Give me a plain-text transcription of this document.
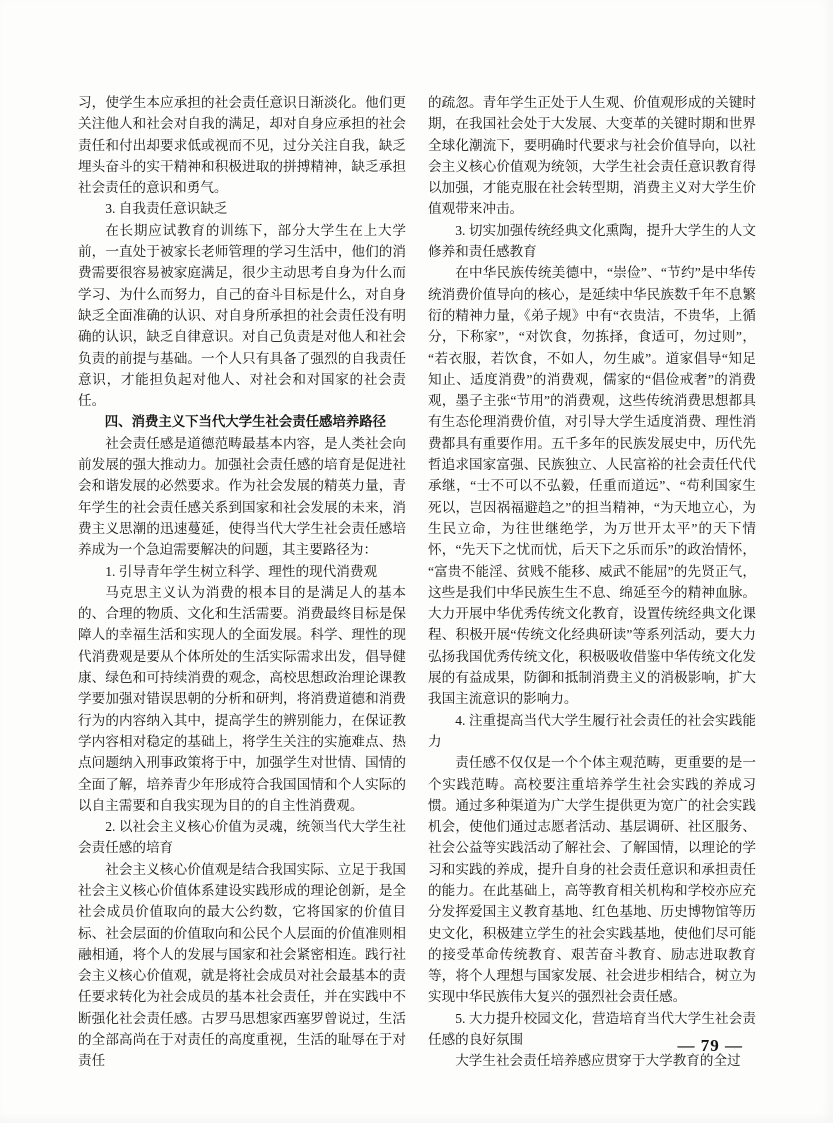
习，使学生本应承担的社会责任意识日渐淡化。他们更关注他人和社会对自我的满足，却对自身应承担的社会责任和付出却要求低或视而不见，过分关注自我，缺乏埋头奋斗的实干精神和积极进取的拼搏精神，缺乏承担社会责任的意识和勇气。

3. 自我责任意识缺乏

在长期应试教育的训练下，部分大学生在上大学前，一直处于被家长老师管理的学习生活中，他们的消费需要很容易被家庭满足，很少主动思考自身为什么而学习、为什么而努力，自己的奋斗目标是什么，对自身缺乏全面准确的认识、对自身所承担的社会责任没有明确的认识，缺乏自律意识。对自己负责是对他人和社会负责的前提与基础。一个人只有具备了强烈的自我责任意识，才能担负起对他人、对社会和对国家的社会责任。

四、消费主义下当代大学生社会责任感培养路径

社会责任感是道德范畴最基本内容，是人类社会向前发展的强大推动力。加强社会责任感的培育是促进社会和谐发展的必然要求。作为社会发展的精英力量，青年学生的社会责任感关系到国家和社会发展的未来，消费主义思潮的迅速蔓延，使得当代大学生社会责任感培养成为一个急迫需要解决的问题，其主要路径为：

1. 引导青年学生树立科学、理性的现代消费观

马克思主义认为消费的根本目的是满足人的基本的、合理的物质、文化和生活需要。消费最终目标是保障人的幸福生活和实现人的全面发展。科学、理性的现代消费观是要从个体所处的生活实际需求出发，倡导健康、绿色和可持续消费的观念，高校思想政治理论课教学要加强对错误思朝的分析和研判，将消费道德和消费行为的内容纳入其中，提高学生的辨别能力，在保证教学内容相对稳定的基础上，将学生关注的实施难点、热点问题纳入刑事政策将于中，加强学生对世情、国情的全面了解，培养青少年形成符合我国国情和个人实际的以自主需要和自我实现为目的的自主性消费观。

2. 以社会主义核心价值为灵魂，统领当代大学生社会责任感的培育

社会主义核心价值观是结合我国实际、立足于我国社会主义核心价值体系建设实践形成的理论创新，是全社会成员价值取向的最大公约数，它将国家的价值目标、社会层面的价值取向和公民个人层面的价值准则相融相通，将个人的发展与国家和社会紧密相连。践行社会主义核心价值观，就是将社会成员对社会最基本的责任要求转化为社会成员的基本社会责任，并在实践中不断强化社会责任感。古罗马思想家西塞罗曾说过，生活的全部高尚在于对责任的高度重视，生活的耻辱在于对责任

的疏忽。青年学生正处于人生观、价值观形成的关键时期，在我国社会处于大发展、大变革的关键时期和世界全球化潮流下，要明确时代要求与社会价值导向，以社会主义核心价值观为统领，大学生社会责任意识教育得以加强，才能克服在社会转型期，消费主义对大学生价值观带来冲击。

3. 切实加强传统经典文化熏陶，提升大学生的人文修养和责任感教育

在中华民族传统美德中，“崇俭”、“节约”是中华传统消费价值导向的核心，是延续中华民族数千年不息繁衍的精神力量，《弟子规》中有“衣贵洁，不贵华，上循分，下称家”，“对饮食，勿拣择，食适可，勿过则”，“若衣服，若饮食，不如人，勿生戚”。道家倡导“知足知止、适度消费”的消费观，儒家的“倡俭戒奢”的消费观，墨子主张“节用”的消费观，这些传统消费思想都具有生态伦理消费价值，对引导大学生适度消费、理性消费都具有重要作用。五千多年的民族发展史中，历代先哲追求国家富强、民族独立、人民富裕的社会责任代代承继，“士不可以不弘毅，任重而道远”、“苟利国家生死以，岂因祸福避趋之”的担当精神，“为天地立心，为生民立命，为往世继绝学，为万世开太平”的天下情怀，“先天下之忧而忧，后天下之乐而乐”的政治情怀，“富贵不能淫、贫贱不能移、威武不能屈”的先贤正气，这些是我们中华民族生生不息、绵延至今的精神血脉。大力开展中华优秀传统文化教育，设置传统经典文化课程、积极开展“传统文化经典研读”等系列活动，要大力弘扬我国优秀传统文化，积极吸收借鉴中华传统文化发展的有益成果，防御和抵制消费主义的消极影响，扩大我国主流意识的影响力。

4. 注重提高当代大学生履行社会责任的社会实践能力

责任感不仅仅是一个个体主观范畴，更重要的是一个实践范畴。高校要注重培养学生社会实践的养成习惯。通过多种渠道为广大学生提供更为宽广的社会实践机会，使他们通过志愿者活动、基层调研、社区服务、社会公益等实践活动了解社会、了解国情，以理论的学习和实践的养成，提升自身的社会责任意识和承担责任的能力。在此基础上，高等教育相关机构和学校亦应充分发挥爱国主义教育基地、红色基地、历史博物馆等历史文化，积极建立学生的社会实践基地，使他们尽可能的接受革命传统教育、艰苦奋斗教育、励志进取教育等，将个人理想与国家发展、社会进步相结合，树立为实现中华民族伟大复兴的强烈社会责任感。

5. 大力提升校园文化，营造培育当代大学生社会责任感的良好氛围

大学生社会责任培养感应贯穿于大学教育的全过

— 79 —
